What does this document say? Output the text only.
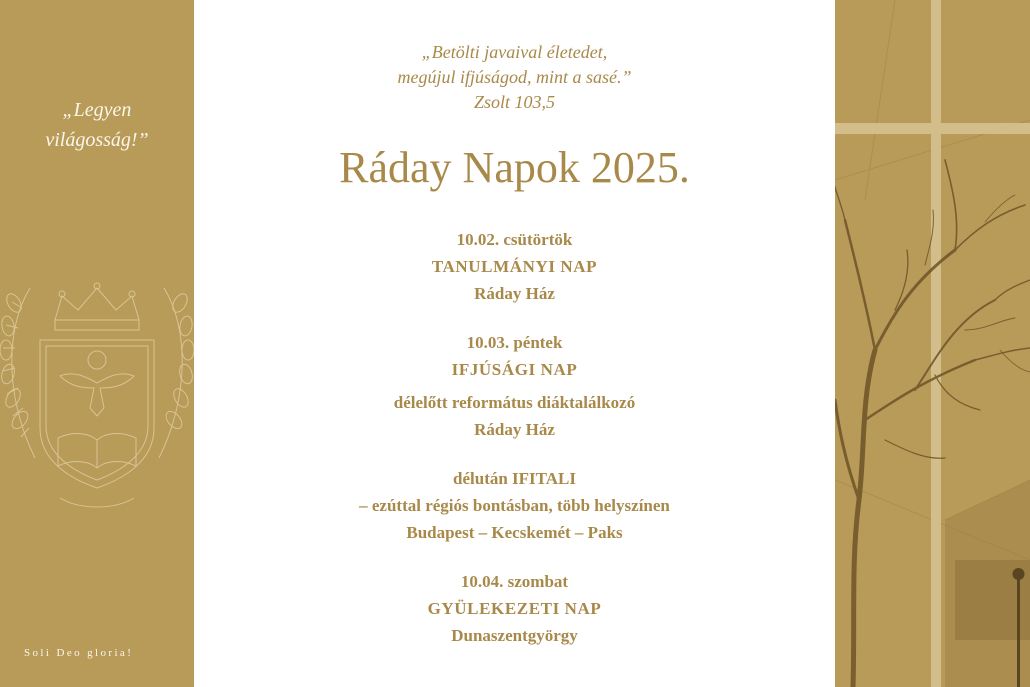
„Legyen
világosság!”
Soli Deo gloria!
„Betölti javaival életedet,
megújul ifjúságod, mint a sasé.”
Zsolt 103,5
Ráday Napok 2025.
10.02. csütörtök
TANULMÁNYI NAP
Ráday Ház
10.03. péntek
IFJÚSÁGI NAP
délelőtt református diáktalálkozó
Ráday Ház
délután IFITALI
– ezúttal régiós bontásban, több helyszínen
Budapest – Kecskemét – Paks
10.04. szombat
GYÜLEKEZETI NAP
Dunaszentgyörgy
